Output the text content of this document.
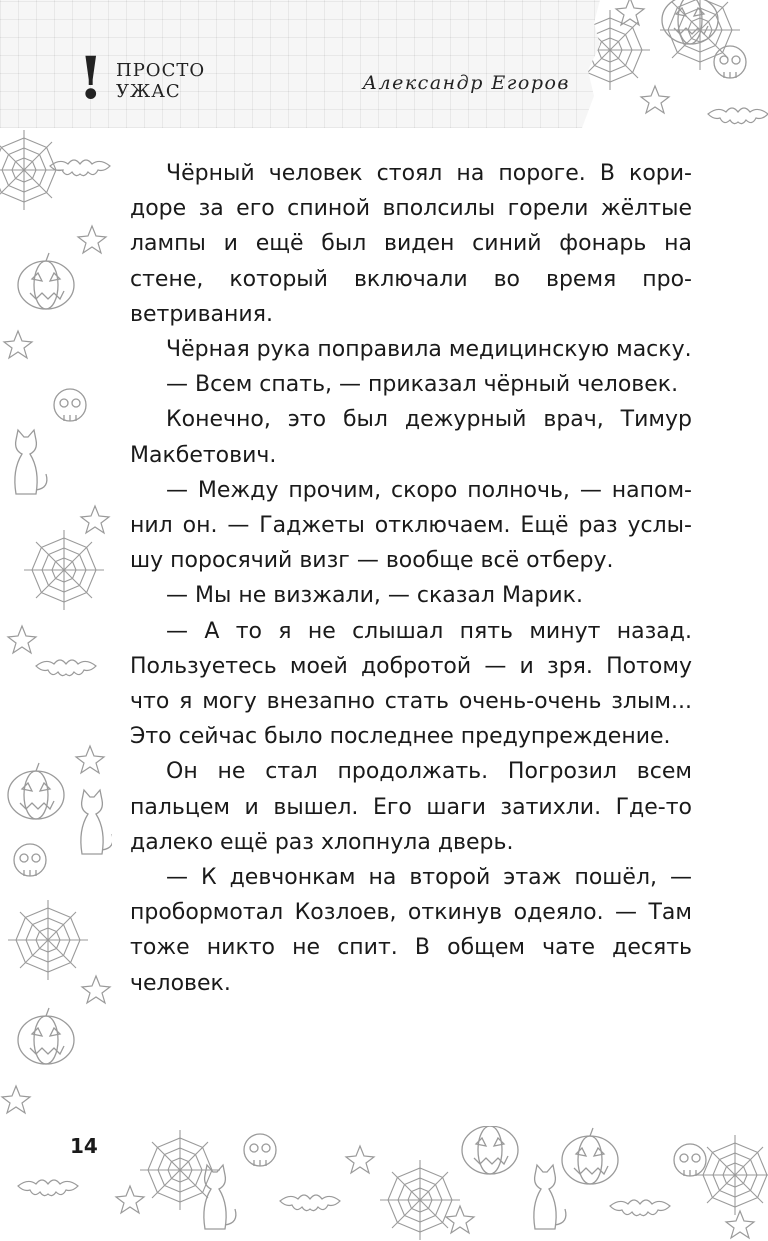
! ПРОСТО
УЖАС	Александр Егоров

Чёрный человек стоял на пороге. В коридоре за его спиной вполсилы горели жёлтые лампы и ещё был виден синий фонарь на стене, который включали во время проветривания.

Чёрная рука поправила медицинскую маску.

— Всем спать, — приказал чёрный человек.

Конечно, это был дежурный врач, Тимур Макбетович.

— Между прочим, скоро полночь, — напомнил он. — Гаджеты отключаем. Ещё раз услышу поросячий визг — вообще всё отберу.

— Мы не визжали, — сказал Марик.

— А то я не слышал пять минут назад. Пользуетесь моей добротой — и зря. Потому что я могу внезапно стать очень-очень злым... Это сейчас было последнее предупреждение.

Он не стал продолжать. Погрозил всем пальцем и вышел. Его шаги затихли. Где-то далеко ещё раз хлопнула дверь.

— К девчонкам на второй этаж пошёл, — пробормотал Козлоев, откинув одеяло. — Там тоже никто не спит. В общем чате десять человек.

14
